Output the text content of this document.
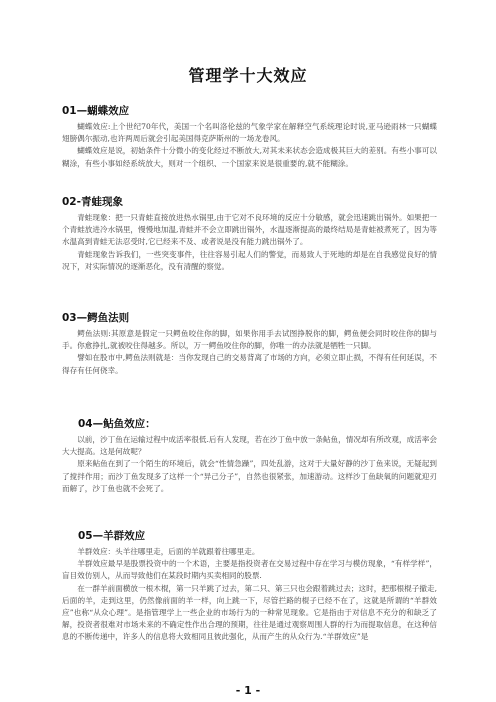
管理学十大效应
01—蝴蝶效应

蝴蝶效应:上个世纪70年代，美国一个名叫洛伦兹的气象学家在解释空气系统理论时说,亚马逊雨林一只蝴蝶翅膀偶尔振动,也许两周后就会引起美国得克萨斯州的一场龙卷风。

蝴蝶效应是说，初始条件十分微小的变化经过不断放大,对其未来状态会造成极其巨大的差别。有些小事可以糊涂，有些小事如经系统放大，则对一个组织、一个国家来说是很重要的,就不能糊涂。

02-青蛙现象

青蛙现象：把一只青蛙直接放进热水锅里,由于它对不良环境的反应十分敏感，就会迅速跳出锅外。如果把一个青蛙放进冷水锅里，慢慢地加温,青蛙并不会立即跳出锅外，水温逐渐提高的最终结局是青蛙被煮死了，因为等水温高到青蛙无法忍受时,它已经来不及、或者说是没有能力跳出锅外了。

青蛙现象告诉我们，一些突变事件，往往容易引起人们的警觉，而易致人于死地的却是在自我感觉良好的情况下，对实际情况的逐渐恶化，没有清醒的察觉。

03—鳄鱼法则

鳄鱼法则:其原意是假定一只鳄鱼咬住你的脚，如果你用手去试图挣脱你的脚，鳄鱼便会同时咬住你的脚与手。你愈挣扎,就被咬住得越多。所以，万一鳄鱼咬住你的脚，你唯一的办法就是牺牲一只脚。

譬如在股市中,鳄鱼法则就是：当你发现自己的交易背离了市场的方向，必须立即止损，不得有任何延误，不得存有任何侥幸。

04—鲇鱼效应：

以前，沙丁鱼在运输过程中成活率很低.后有人发现，若在沙丁鱼中放一条鲇鱼，情况却有所改观，成活率会大大提高。这是何故呢？

原来鲇鱼在到了一个陌生的环境后，就会“性情急躁”，四处乱游，这对于大量好静的沙丁鱼来说，无疑起到了搅拌作用；而沙丁鱼发现多了这样一个“异己分子”，自然也很紧张，加速游动。这样沙丁鱼缺氧的问题就迎刃而解了，沙丁鱼也就不会死了。

05—羊群效应

羊群效应：头羊往哪里走，后面的羊就跟着往哪里走。

羊群效应最早是股票投资中的一个术语，主要是指投资者在交易过程中存在学习与模仿现象，“有样学样”，盲目效仿别人，从而导致他们在某段时期内买卖相同的股票.

在一群羊前面横放一根木棍，第一只羊跳了过去，第二只、第三只也会跟着跳过去；这时，把那根棍子撤走,后面的羊，走到这里，仍然像前面的羊一样，向上跳一下，尽管拦路的棍子已经不在了，这就是所谓的“羊群效应”也称“从众心理”。是指管理学上一些企业的市场行为的一种常见现象。它是指由于对信息不充分的和缺乏了解，投资者很难对市场未来的不确定性作出合理的预期，往往是通过观察周围人群的行为而提取信息，在这种信息的不断传递中，许多人的信息将大致相同且彼此强化，从而产生的从众行为.“羊群效应”是

- 1 -
